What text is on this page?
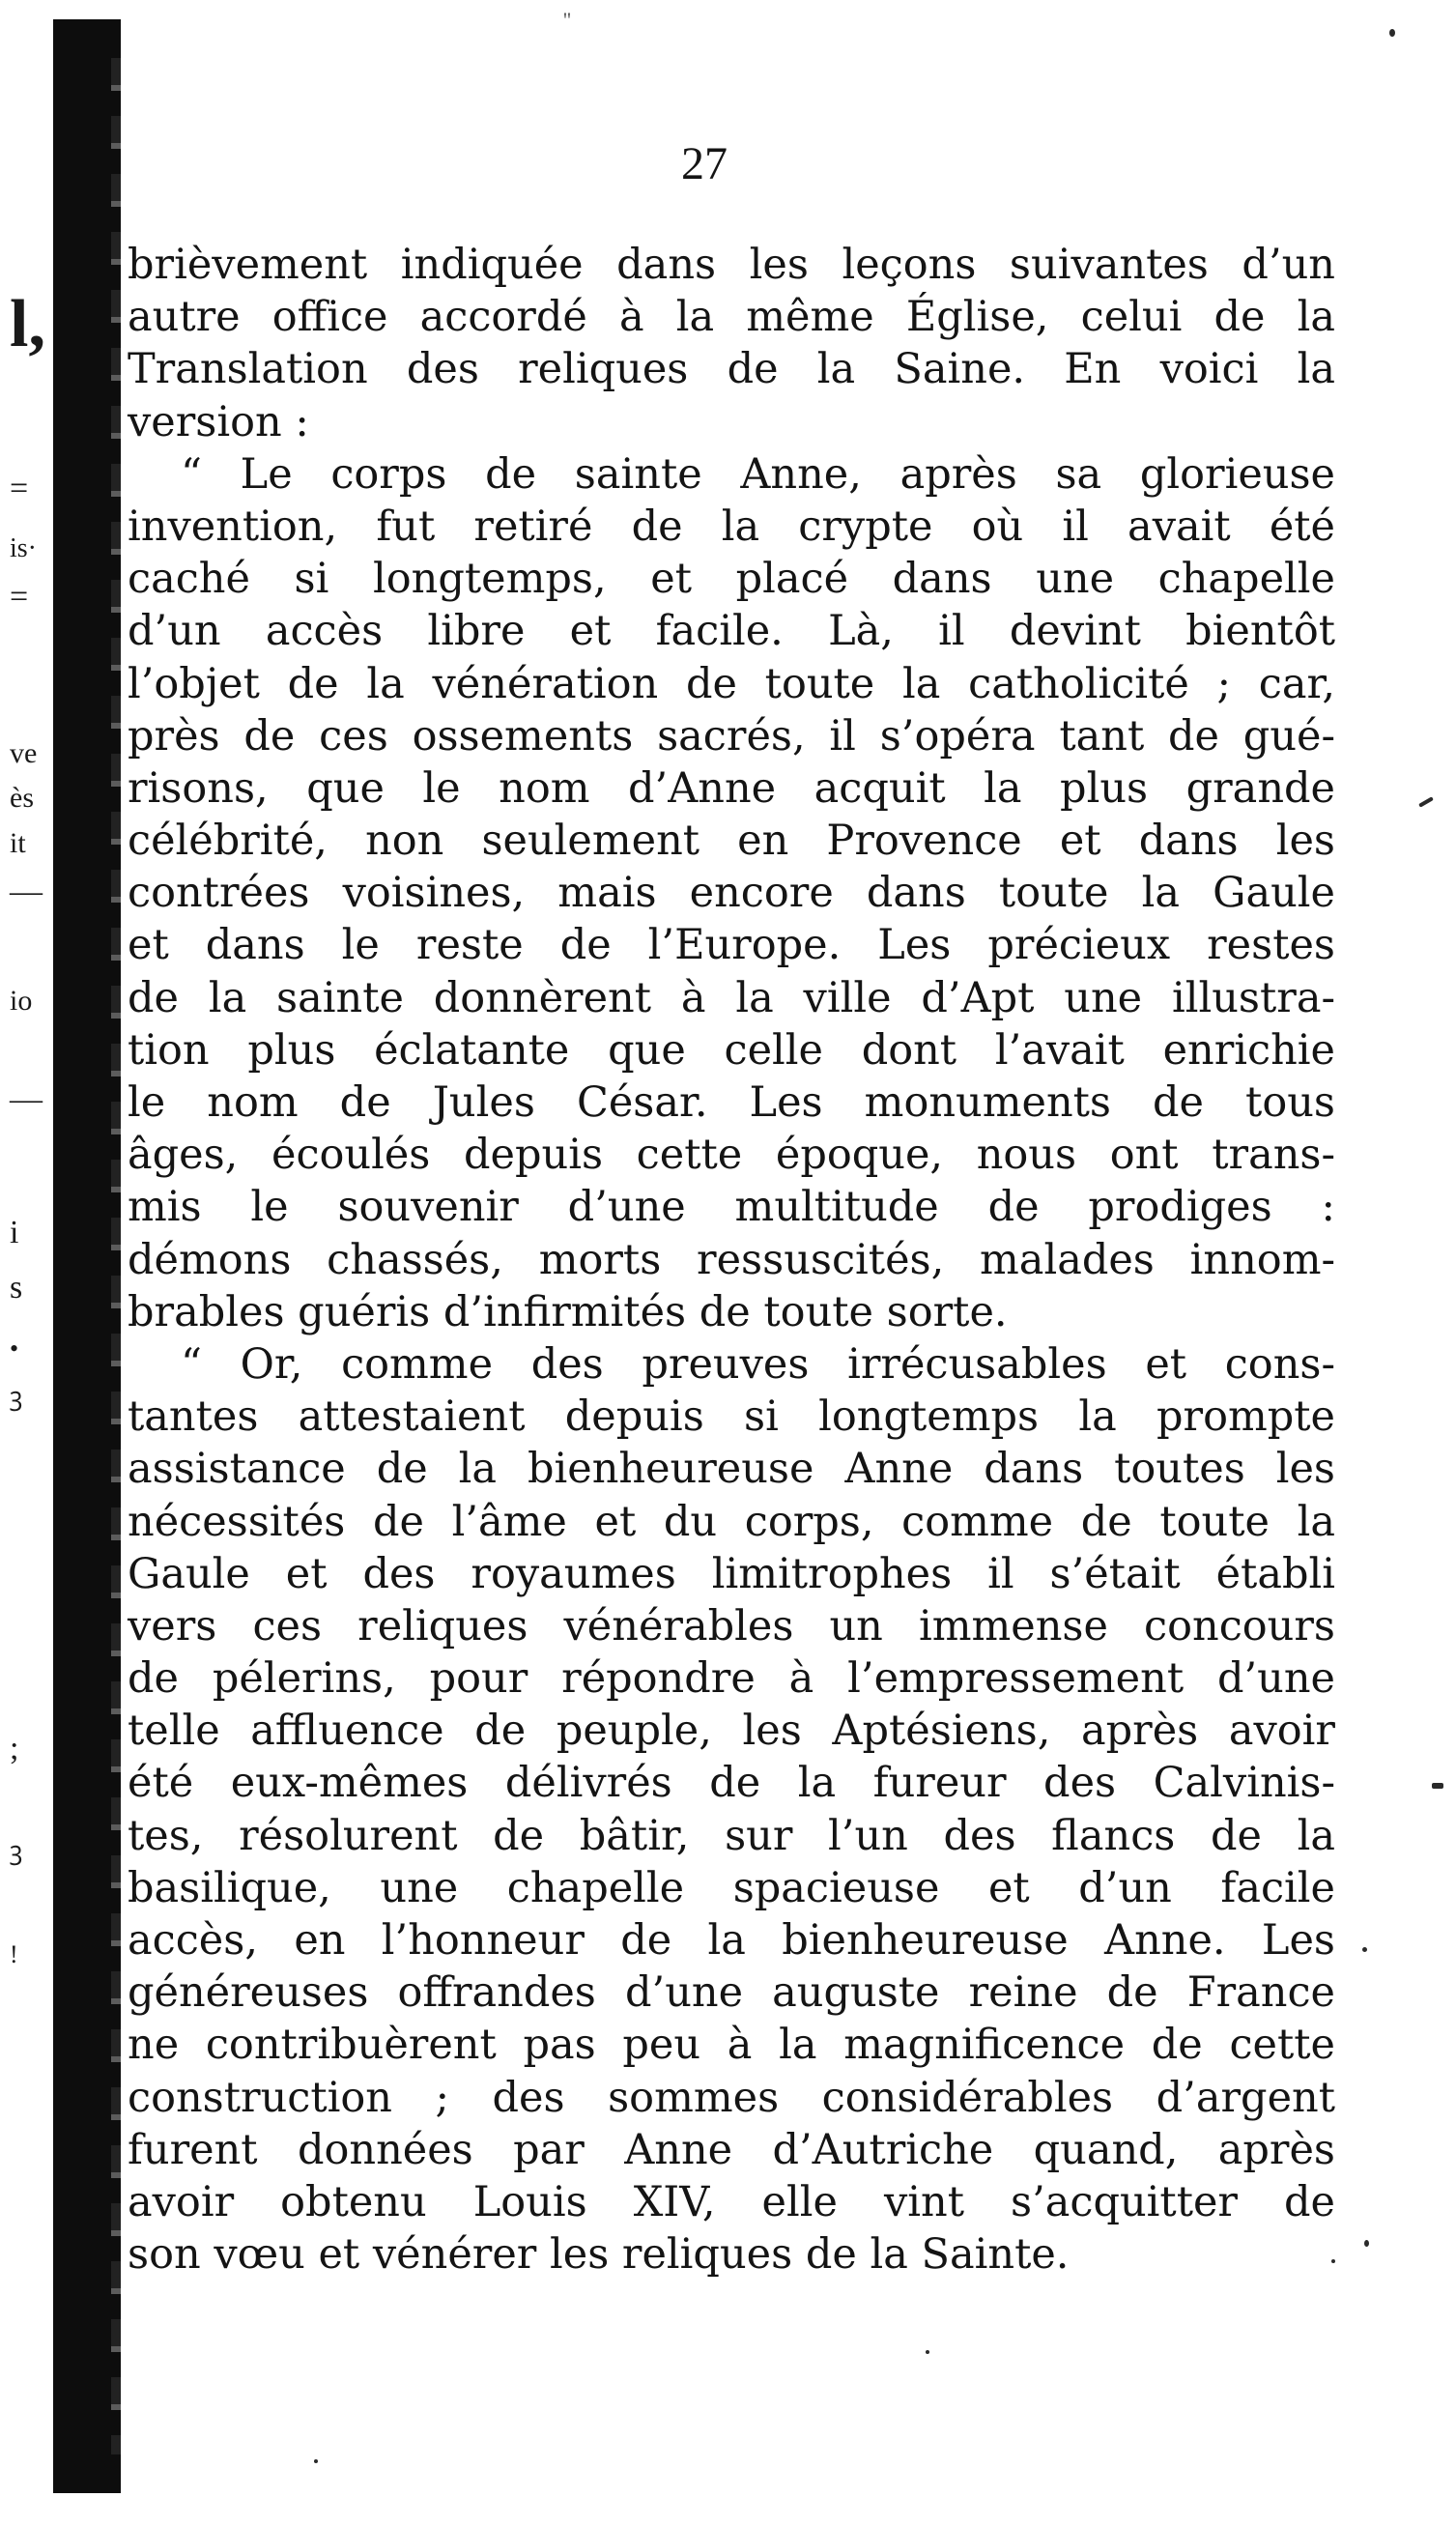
l,
=
is·
=
ve
ès
it
—
io
—
i
s
•
ꝫ
;
ꝫ
!
''
27
brièvement indiquée dans les leçons suivantes d’un
autre office accordé à la même Église, celui de la
Translation des reliques de la Saine. En voici la
version :
“ Le corps de sainte Anne, après sa glorieuse
invention, fut retiré de la crypte où il avait été
caché si longtemps, et placé dans une chapelle
d’un accès libre et facile. Là, il devint bientôt
l’objet de la vénération de toute la catholicité ; car,
près de ces ossements sacrés, il s’opéra tant de gué-
risons, que le nom d’Anne acquit la plus grande
célébrité, non seulement en Provence et dans les
contrées voisines, mais encore dans toute la Gaule
et dans le reste de l’Europe. Les précieux restes
de la sainte donnèrent à la ville d’Apt une illustra-
tion plus éclatante que celle dont l’avait enrichie
le nom de Jules César. Les monuments de tous
âges, écoulés depuis cette époque, nous ont trans-
mis le souvenir d’une multitude de prodiges :
démons chassés, morts ressuscités, malades innom-
brables guéris d’infirmités de toute sorte.
“ Or, comme des preuves irrécusables et cons-
tantes attestaient depuis si longtemps la prompte
assistance de la bienheureuse Anne dans toutes les
nécessités de l’âme et du corps, comme de toute la
Gaule et des royaumes limitrophes il s’était établi
vers ces reliques vénérables un immense concours
de pélerins, pour répondre à l’empressement d’une
telle affluence de peuple, les Aptésiens, après avoir
été eux-mêmes délivrés de la fureur des Calvinis-
tes, résolurent de bâtir, sur l’un des flancs de la
basilique, une chapelle spacieuse et d’un facile
accès, en l’honneur de la bienheureuse Anne. Les
généreuses offrandes d’une auguste reine de France
ne contribuèrent pas peu à la magnificence de cette
construction ; des sommes considérables d’argent
furent données par Anne d’Autriche quand, après
avoir obtenu Louis XIV, elle vint s’acquitter de
son vœu et vénérer les reliques de la Sainte.
